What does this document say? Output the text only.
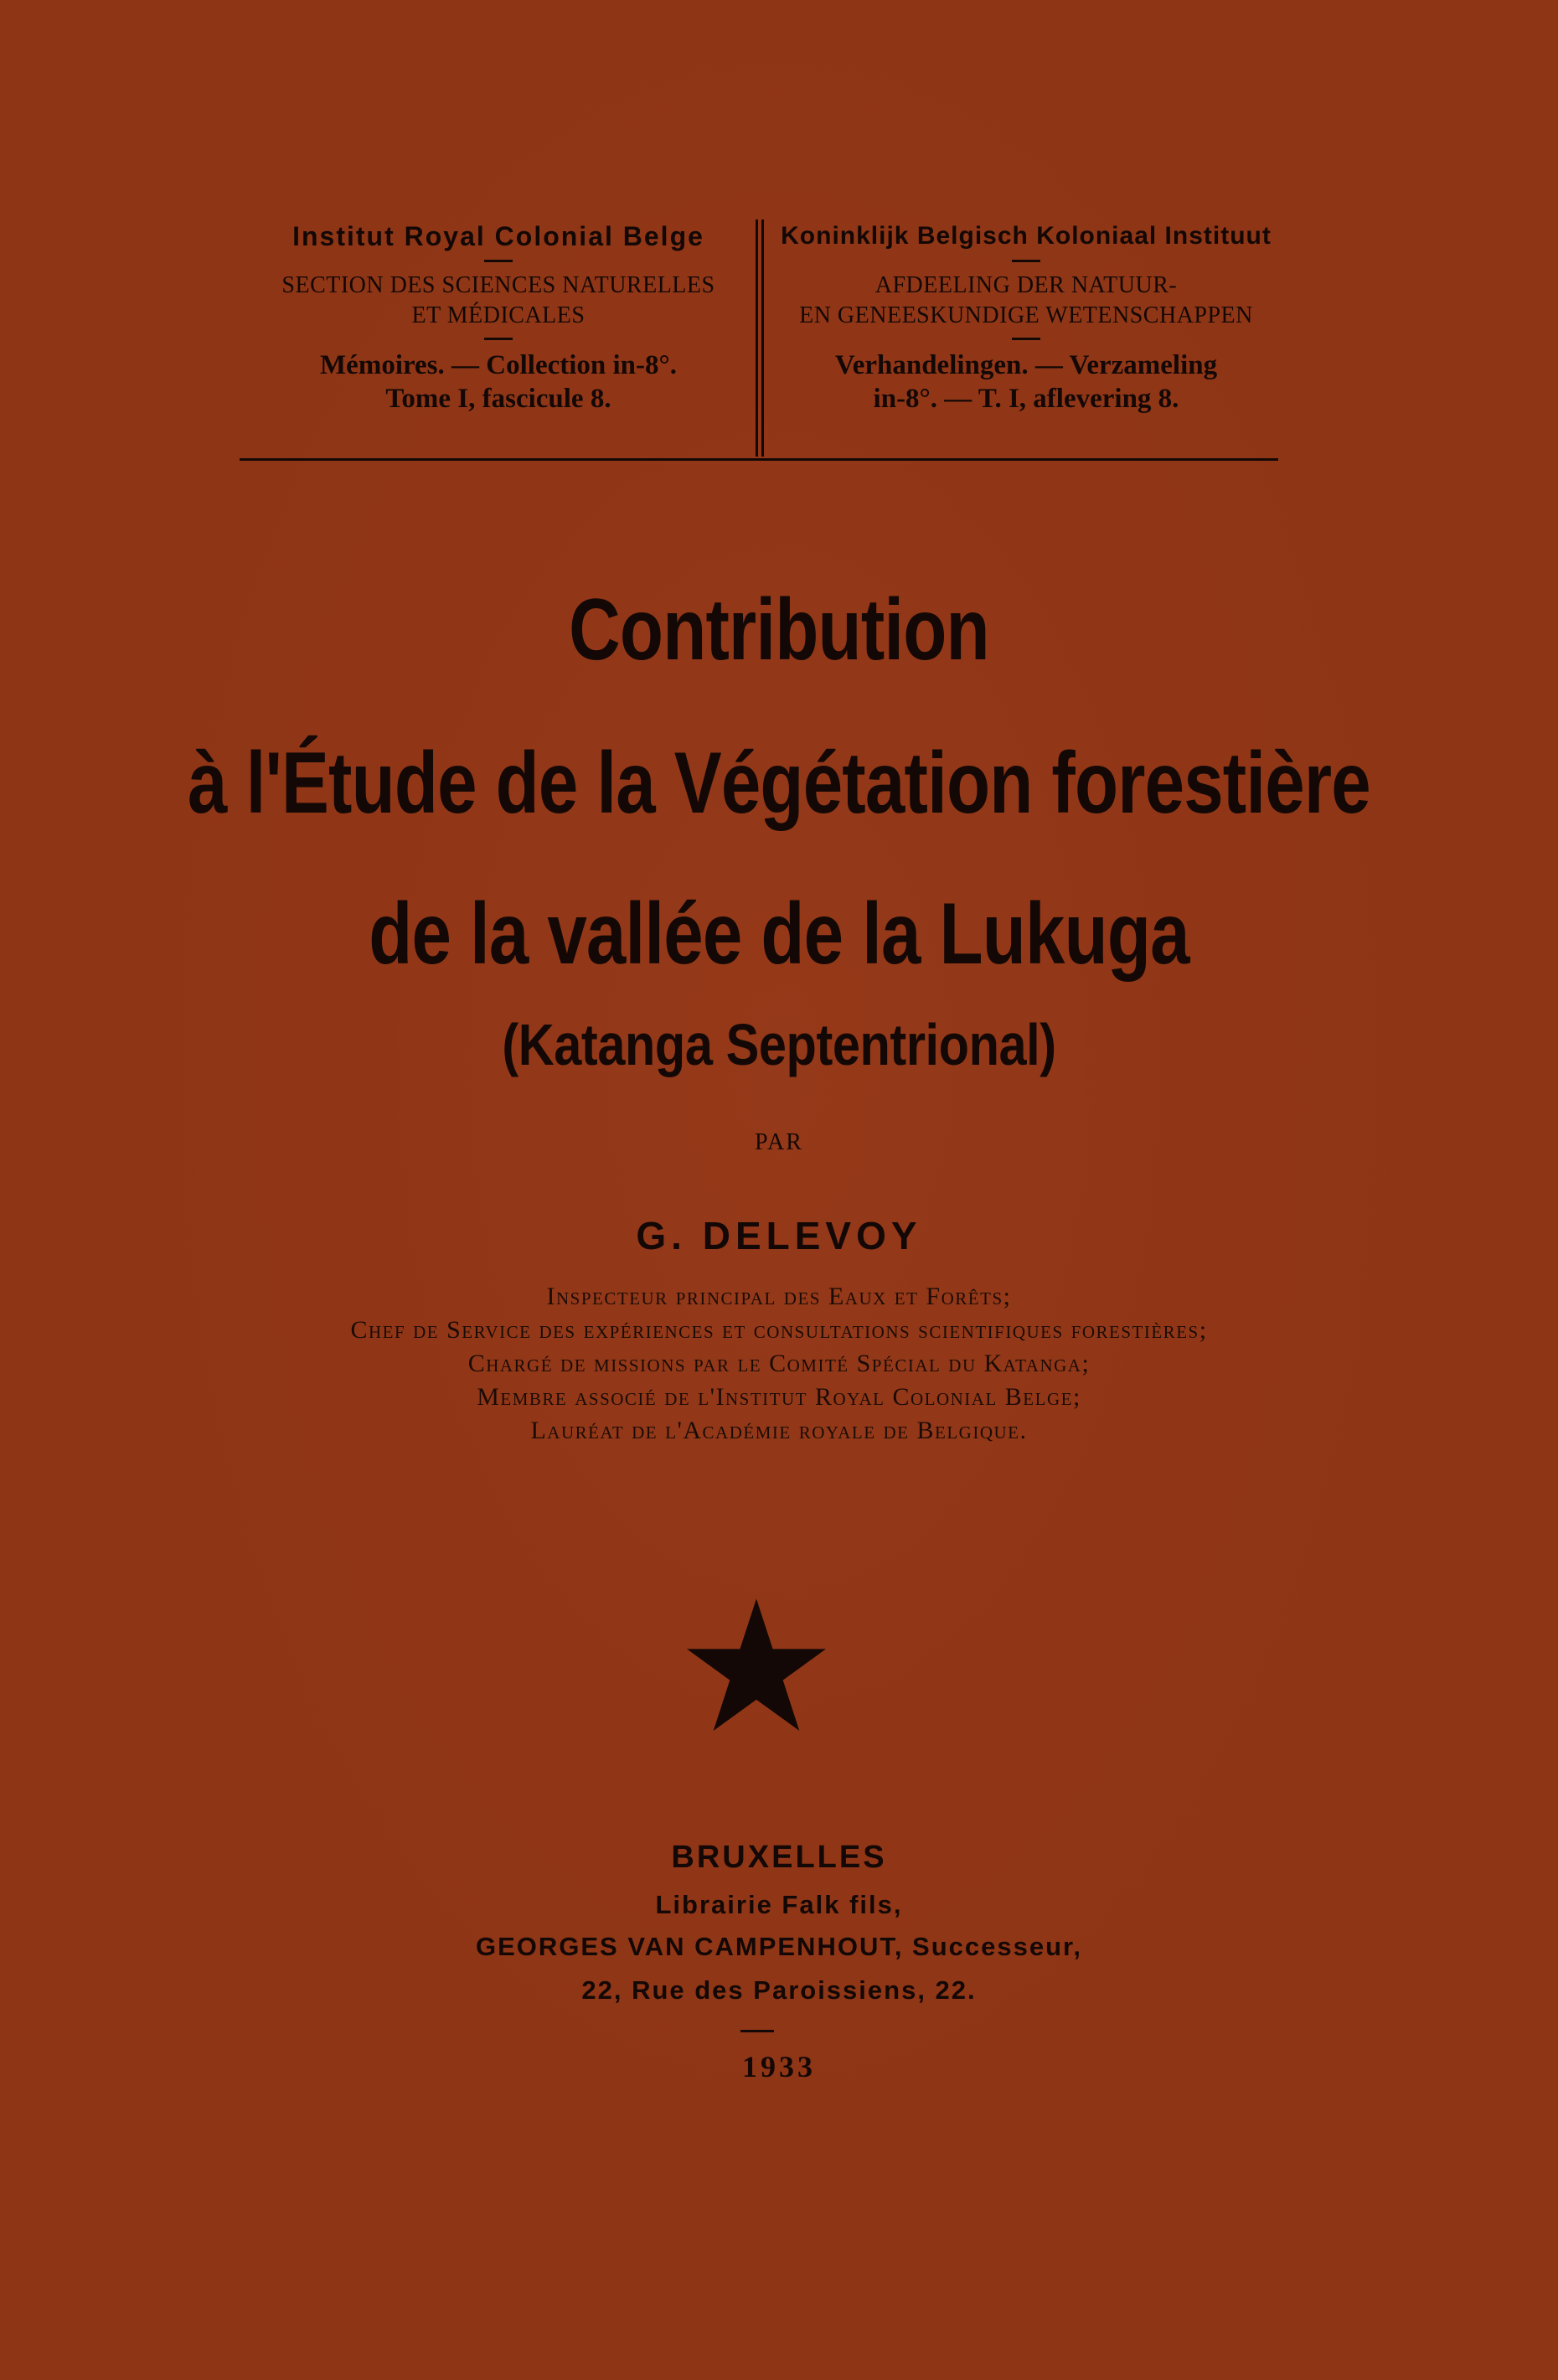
Institut Royal Colonial Belge
SECTION DES SCIENCES NATURELLES
ET MÉDICALES
Mémoires. — Collection in-8°.
Tome I, fascicule 8.
Koninklijk Belgisch Koloniaal Instituut
AFDEELING DER NATUUR-
EN GENEESKUNDIGE WETENSCHAPPEN
Verhandelingen. — Verzameling
in-8°. — T. I, aflevering 8.
Contribution
à l'Étude de la Végétation forestière
de la vallée de la Lukuga
(Katanga Septentrional)
PAR
G. DELEVOY
Inspecteur principal des Eaux et Forêts;
Chef de Service des expériences et consultations scientifiques forestières;
Chargé de missions par le Comité Spécial du Katanga;
Membre associé de l'Institut Royal Colonial Belge;
Lauréat de l'Académie royale de Belgique.
BRUXELLES
Librairie Falk fils,
GEORGES VAN CAMPENHOUT, Successeur,
22, Rue des Paroissiens, 22.
1933
